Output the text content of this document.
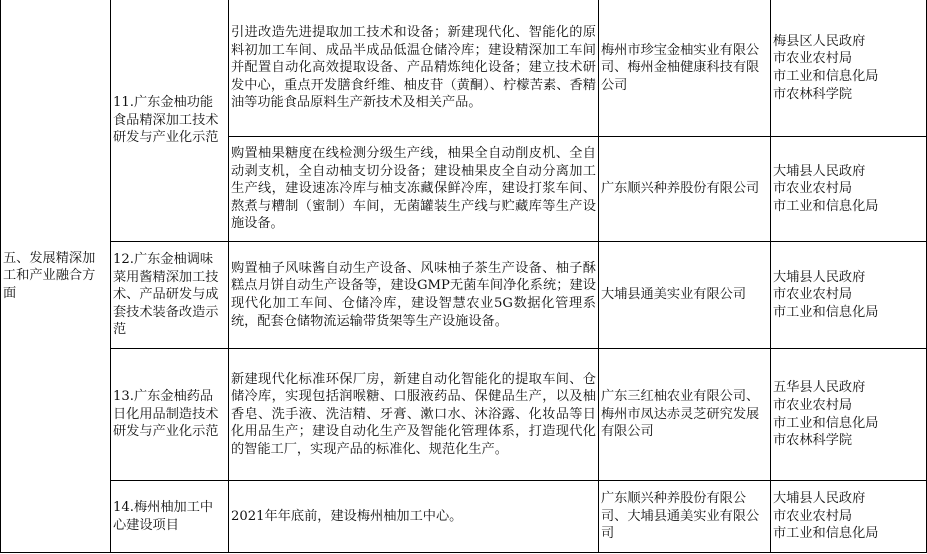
五、发展精深加工和产业融合方面	11.广东金柚功能食品精深加工技术研发与产业化示范	引进改造先进提取加工技术和设备；新建现代化、智能化的原料初加工车间、成品半成品低温仓储冷库；建设精深加工车间并配置自动化高效提取设备、产品精炼纯化设备；建立技术研发中心，重点开发膳食纤维、柚皮苷（黄酮）、柠檬苦素、香精油等功能食品原料生产新技术及相关产品。	梅州市珍宝金柚实业有限公司、梅州金柚健康科技有限公司	梅县区人民政府
市农业农村局
市工业和信息化局
市农林科学院
		购置柚果糖度在线检测分级生产线，柚果全自动削皮机、全自动剥支机，全自动柚支切分设备；建设柚果皮全自动分离加工生产线，建设速冻冷库与柚支冻藏保鲜冷库，建设打浆车间、熬煮与糟制（蜜制）车间，无菌罐装生产线与贮藏库等生产设施设备。	广东顺兴种养股份有限公司	大埔县人民政府
市农业农村局
市工业和信息化局
	12.广东金柚调味菜用酱精深加工技术、产品研发与成套技术装备改造示范	购置柚子风味酱自动生产设备、风味柚子茶生产设备、柚子酥糕点月饼自动生产设备等，建设GMP无菌车间净化系统；建设现代化加工车间、仓储冷库，建设智慧农业5G数据化管理系统，配套仓储物流运输带货架等生产设施设备。	大埔县通美实业有限公司	大埔县人民政府
市农业农村局
市工业和信息化局
	13.广东金柚药品日化用品制造技术研发与产业化示范	新建现代化标准环保厂房，新建自动化智能化的提取车间、仓储冷库，实现包括润喉糖、口服液药品、保健品生产，以及柚香皂、洗手液、洗洁精、牙膏、漱口水、沐浴露、化妆品等日化用品生产；建设自动化生产及智能化管理体系，打造现代化的智能工厂，实现产品的标准化、规范化生产。	广东三红柚农业有限公司、梅州市凤达赤灵芝研究发展有限公司	五华县人民政府
市农业农村局
市工业和信息化局
市农林科学院
	14.梅州柚加工中心建设项目	2021年年底前，建设梅州柚加工中心。	广东顺兴种养股份有限公司、大埔县通美实业有限公司	大埔县人民政府
市农业农村局
市工业和信息化局
